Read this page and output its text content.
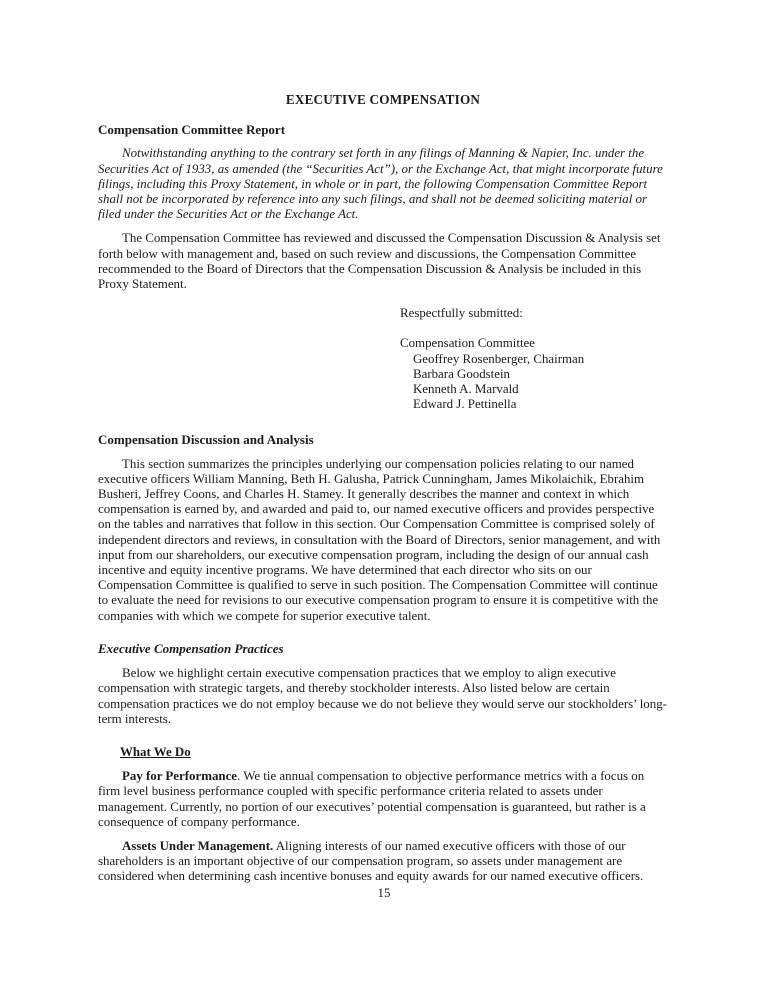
EXECUTIVE COMPENSATION
Compensation Committee Report

Notwithstanding anything to the contrary set forth in any filings of Manning & Napier, Inc. under the Securities Act of 1933, as amended (the “Securities Act”), or the Exchange Act, that might incorporate future filings, including this Proxy Statement, in whole or in part, the following Compensation Committee Report shall not be incorporated by reference into any such filings, and shall not be deemed soliciting material or filed under the Securities Act or the Exchange Act.

The Compensation Committee has reviewed and discussed the Compensation Discussion & Analysis set forth below with management and, based on such review and discussions, the Compensation Committee recommended to the Board of Directors that the Compensation Discussion & Analysis be included in this Proxy Statement.

Respectfully submitted:
Compensation Committee
Geoffrey Rosenberger, Chairman
Barbara Goodstein
Kenneth A. Marvald
Edward J. Pettinella
Compensation Discussion and Analysis

This section summarizes the principles underlying our compensation policies relating to our named executive officers William Manning, Beth H. Galusha, Patrick Cunningham, James Mikolaichik, Ebrahim Busheri, Jeffrey Coons, and Charles H. Stamey. It generally describes the manner and context in which compensation is earned by, and awarded and paid to, our named executive officers and provides perspective on the tables and narratives that follow in this section. Our Compensation Committee is comprised solely of independent directors and reviews, in consultation with the Board of Directors, senior management, and with input from our shareholders, our executive compensation program, including the design of our annual cash incentive and equity incentive programs. We have determined that each director who sits on our Compensation Committee is qualified to serve in such position. The Compensation Committee will continue to evaluate the need for revisions to our executive compensation program to ensure it is competitive with the companies with which we compete for superior executive talent.

Executive Compensation Practices

Below we highlight certain executive compensation practices that we employ to align executive compensation with strategic targets, and thereby stockholder interests. Also listed below are certain compensation practices we do not employ because we do not believe they would serve our stockholders’ long-term interests.

What We Do

Pay for Performance. We tie annual compensation to objective performance metrics with a focus on firm level business performance coupled with specific performance criteria related to assets under management. Currently, no portion of our executives’ potential compensation is guaranteed, but rather is a consequence of company performance.

Assets Under Management. Aligning interests of our named executive officers with those of our shareholders is an important objective of our compensation program, so assets under management are considered when determining cash incentive bonuses and equity awards for our named executive officers.

15
